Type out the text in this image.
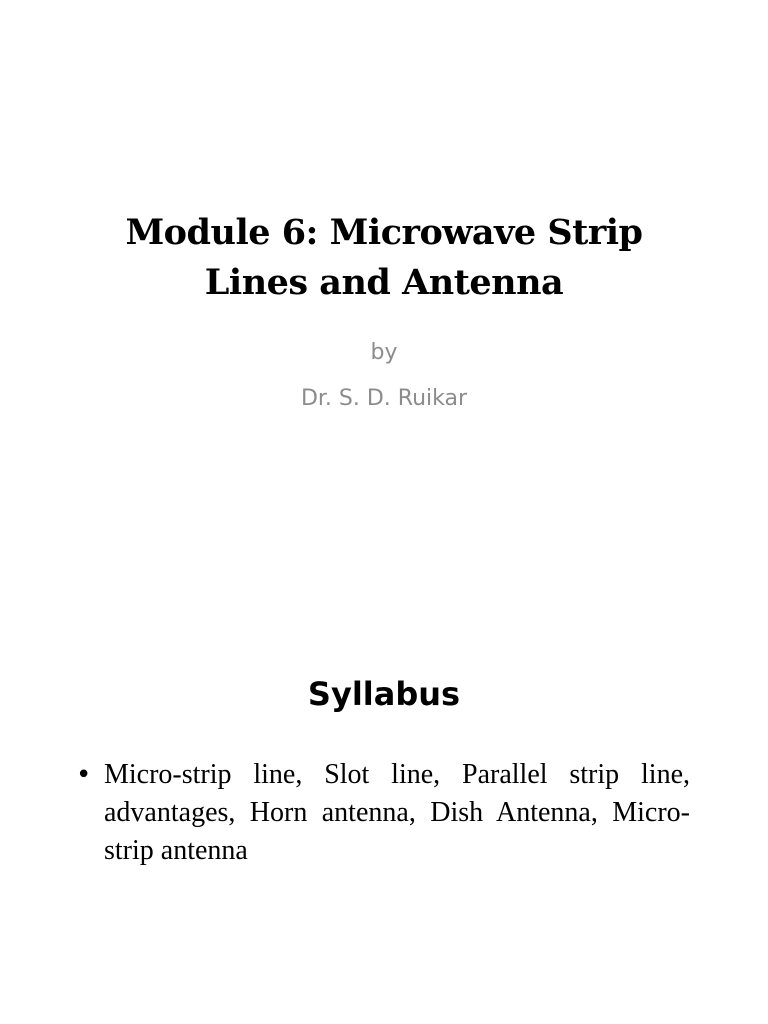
Module 6: Microwave Strip
Lines and Antenna

by

Dr. S. D. Ruikar

Syllabus
• Micro-strip line, Slot line, Parallel strip line, advantages, Horn antenna, Dish Antenna, Micro-strip antenna
